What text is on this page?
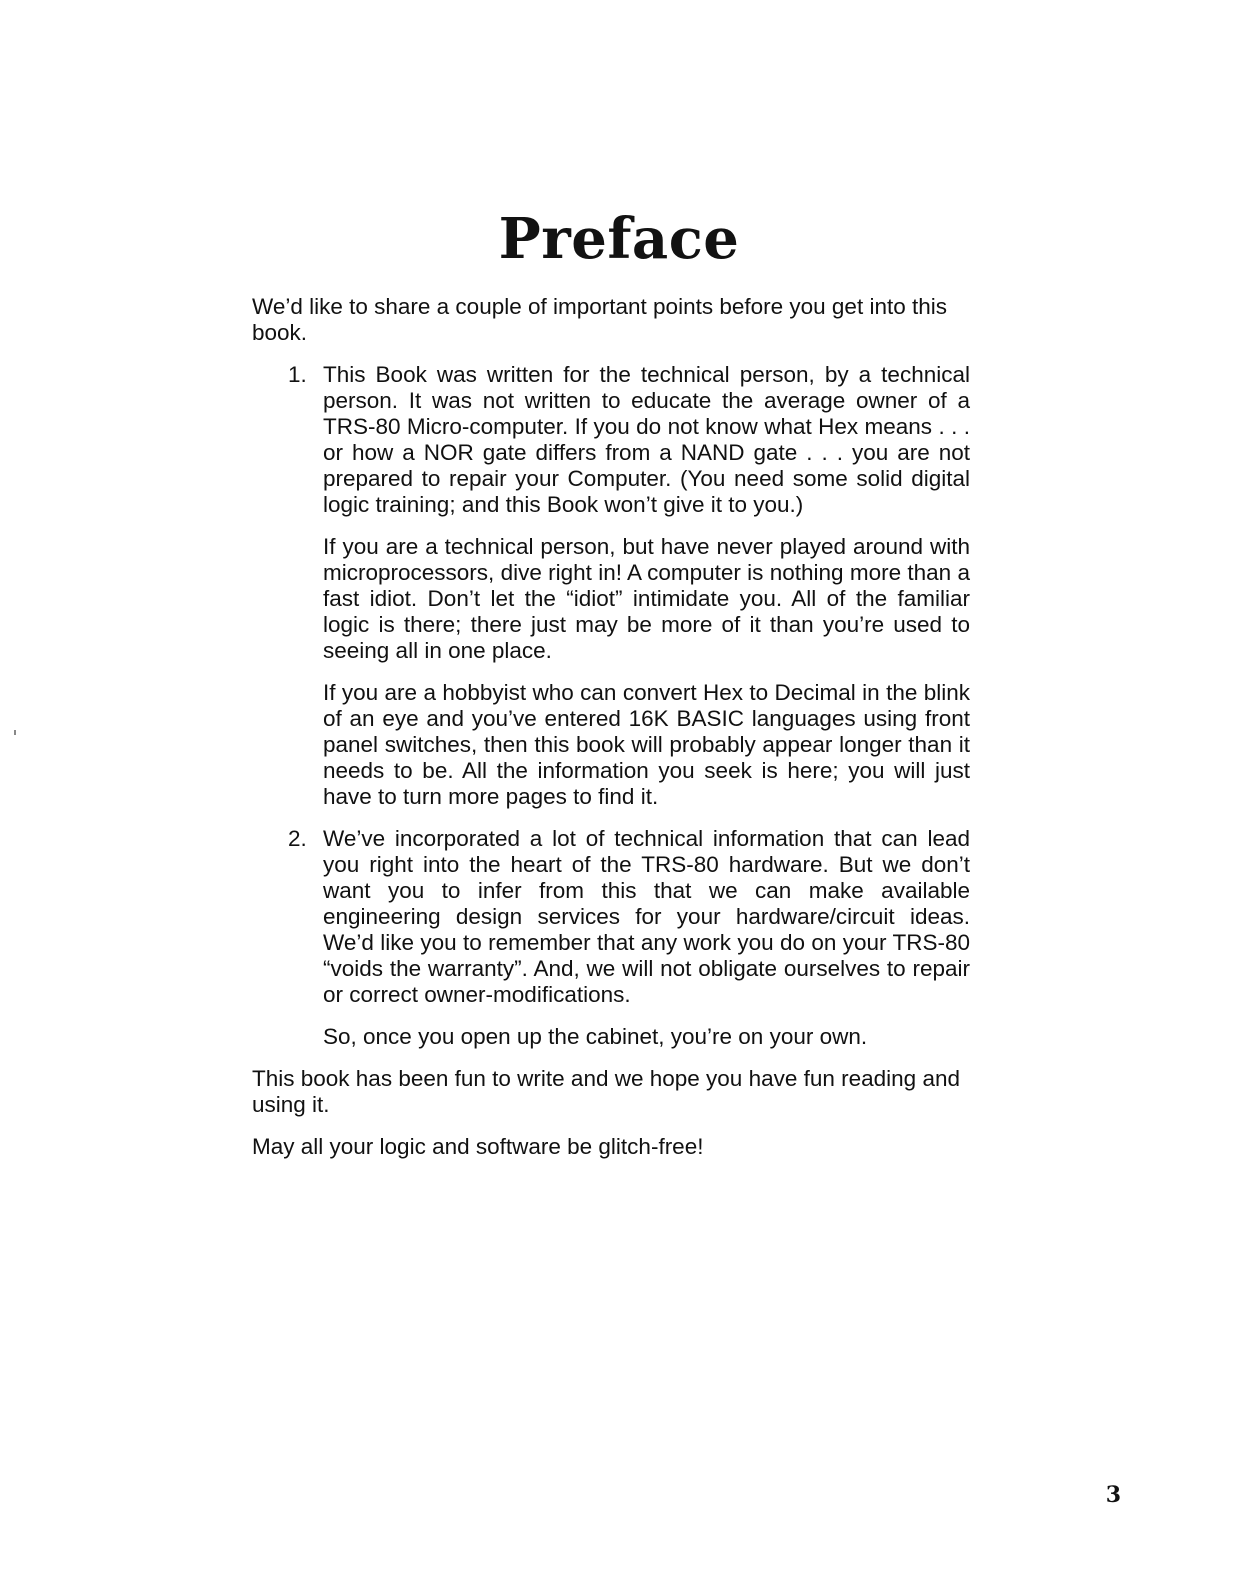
Preface

We’d like to share a couple of important points before you get into this book.

1. This Book was written for the technical person, by a technical person. It was not written to educate the average owner of a TRS-80 Micro-computer. If you do not know what Hex means . . . or how a NOR gate differs from a NAND gate . . . you are not prepared to repair your Computer. (You need some solid digital logic training; and this Book won’t give it to you.)

If you are a technical person, but have never played around with microprocessors, dive right in! A computer is nothing more than a fast idiot. Don’t let the “idiot” intimidate you. All of the familiar logic is there; there just may be more of it than you’re used to seeing all in one place.

If you are a hobbyist who can convert Hex to Decimal in the blink of an eye and you’ve entered 16K BASIC languages using front panel switches, then this book will probably appear longer than it needs to be. All the information you seek is here; you will just have to turn more pages to find it.

2. We’ve incorporated a lot of technical information that can lead you right into the heart of the TRS-80 hardware. But we don’t want you to infer from this that we can make available engineering design services for your hardware/circuit ideas. We’d like you to remember that any work you do on your TRS-80 “voids the warranty”. And, we will not obligate ourselves to repair or correct owner-modifications.

So, once you open up the cabinet, you’re on your own.

This book has been fun to write and we hope you have fun reading and using it.

May all your logic and software be glitch-free!

3
